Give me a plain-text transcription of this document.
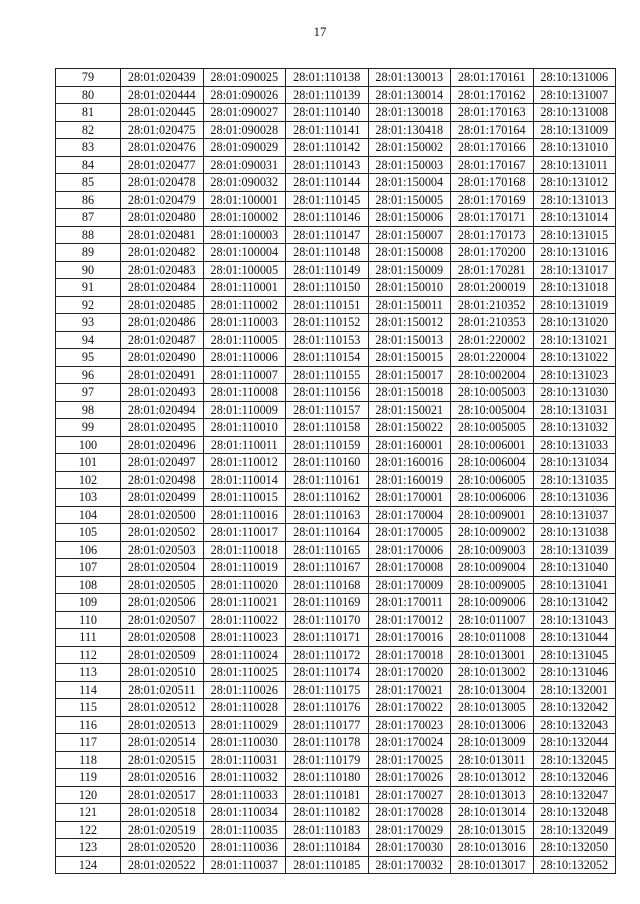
17
79	28:01:020439	28:01:090025	28:01:110138	28:01:130013	28:01:170161	28:10:131006
80	28:01:020444	28:01:090026	28:01:110139	28:01:130014	28:01:170162	28:10:131007
81	28:01:020445	28:01:090027	28:01:110140	28:01:130018	28:01:170163	28:10:131008
82	28:01:020475	28:01:090028	28:01:110141	28:01:130418	28:01:170164	28:10:131009
83	28:01:020476	28:01:090029	28:01:110142	28:01:150002	28:01:170166	28:10:131010
84	28:01:020477	28:01:090031	28:01:110143	28:01:150003	28:01:170167	28:10:131011
85	28:01:020478	28:01:090032	28:01:110144	28:01:150004	28:01:170168	28:10:131012
86	28:01:020479	28:01:100001	28:01:110145	28:01:150005	28:01:170169	28:10:131013
87	28:01:020480	28:01:100002	28:01:110146	28:01:150006	28:01:170171	28:10:131014
88	28:01:020481	28:01:100003	28:01:110147	28:01:150007	28:01:170173	28:10:131015
89	28:01:020482	28:01:100004	28:01:110148	28:01:150008	28:01:170200	28:10:131016
90	28:01:020483	28:01:100005	28:01:110149	28:01:150009	28:01:170281	28:10:131017
91	28:01:020484	28:01:110001	28:01:110150	28:01:150010	28:01:200019	28:10:131018
92	28:01:020485	28:01:110002	28:01:110151	28:01:150011	28:01:210352	28:10:131019
93	28:01:020486	28:01:110003	28:01:110152	28:01:150012	28:01:210353	28:10:131020
94	28:01:020487	28:01:110005	28:01:110153	28:01:150013	28:01:220002	28:10:131021
95	28:01:020490	28:01:110006	28:01:110154	28:01:150015	28:01:220004	28:10:131022
96	28:01:020491	28:01:110007	28:01:110155	28:01:150017	28:10:002004	28:10:131023
97	28:01:020493	28:01:110008	28:01:110156	28:01:150018	28:10:005003	28:10:131030
98	28:01:020494	28:01:110009	28:01:110157	28:01:150021	28:10:005004	28:10:131031
99	28:01:020495	28:01:110010	28:01:110158	28:01:150022	28:10:005005	28:10:131032
100	28:01:020496	28:01:110011	28:01:110159	28:01:160001	28:10:006001	28:10:131033
101	28:01:020497	28:01:110012	28:01:110160	28:01:160016	28:10:006004	28:10:131034
102	28:01:020498	28:01:110014	28:01:110161	28:01:160019	28:10:006005	28:10:131035
103	28:01:020499	28:01:110015	28:01:110162	28:01:170001	28:10:006006	28:10:131036
104	28:01:020500	28:01:110016	28:01:110163	28:01:170004	28:10:009001	28:10:131037
105	28:01:020502	28:01:110017	28:01:110164	28:01:170005	28:10:009002	28:10:131038
106	28:01:020503	28:01:110018	28:01:110165	28:01:170006	28:10:009003	28:10:131039
107	28:01:020504	28:01:110019	28:01:110167	28:01:170008	28:10:009004	28:10:131040
108	28:01:020505	28:01:110020	28:01:110168	28:01:170009	28:10:009005	28:10:131041
109	28:01:020506	28:01:110021	28:01:110169	28:01:170011	28:10:009006	28:10:131042
110	28:01:020507	28:01:110022	28:01:110170	28:01:170012	28:10:011007	28:10:131043
111	28:01:020508	28:01:110023	28:01:110171	28:01:170016	28:10:011008	28:10:131044
112	28:01:020509	28:01:110024	28:01:110172	28:01:170018	28:10:013001	28:10:131045
113	28:01:020510	28:01:110025	28:01:110174	28:01:170020	28:10:013002	28:10:131046
114	28:01:020511	28:01:110026	28:01:110175	28:01:170021	28:10:013004	28:10:132001
115	28:01:020512	28:01:110028	28:01:110176	28:01:170022	28:10:013005	28:10:132042
116	28:01:020513	28:01:110029	28:01:110177	28:01:170023	28:10:013006	28:10:132043
117	28:01:020514	28:01:110030	28:01:110178	28:01:170024	28:10:013009	28:10:132044
118	28:01:020515	28:01:110031	28:01:110179	28:01:170025	28:10:013011	28:10:132045
119	28:01:020516	28:01:110032	28:01:110180	28:01:170026	28:10:013012	28:10:132046
120	28:01:020517	28:01:110033	28:01:110181	28:01:170027	28:10:013013	28:10:132047
121	28:01:020518	28:01:110034	28:01:110182	28:01:170028	28:10:013014	28:10:132048
122	28:01:020519	28:01:110035	28:01:110183	28:01:170029	28:10:013015	28:10:132049
123	28:01:020520	28:01:110036	28:01:110184	28:01:170030	28:10:013016	28:10:132050
124	28:01:020522	28:01:110037	28:01:110185	28:01:170032	28:10:013017	28:10:132052
